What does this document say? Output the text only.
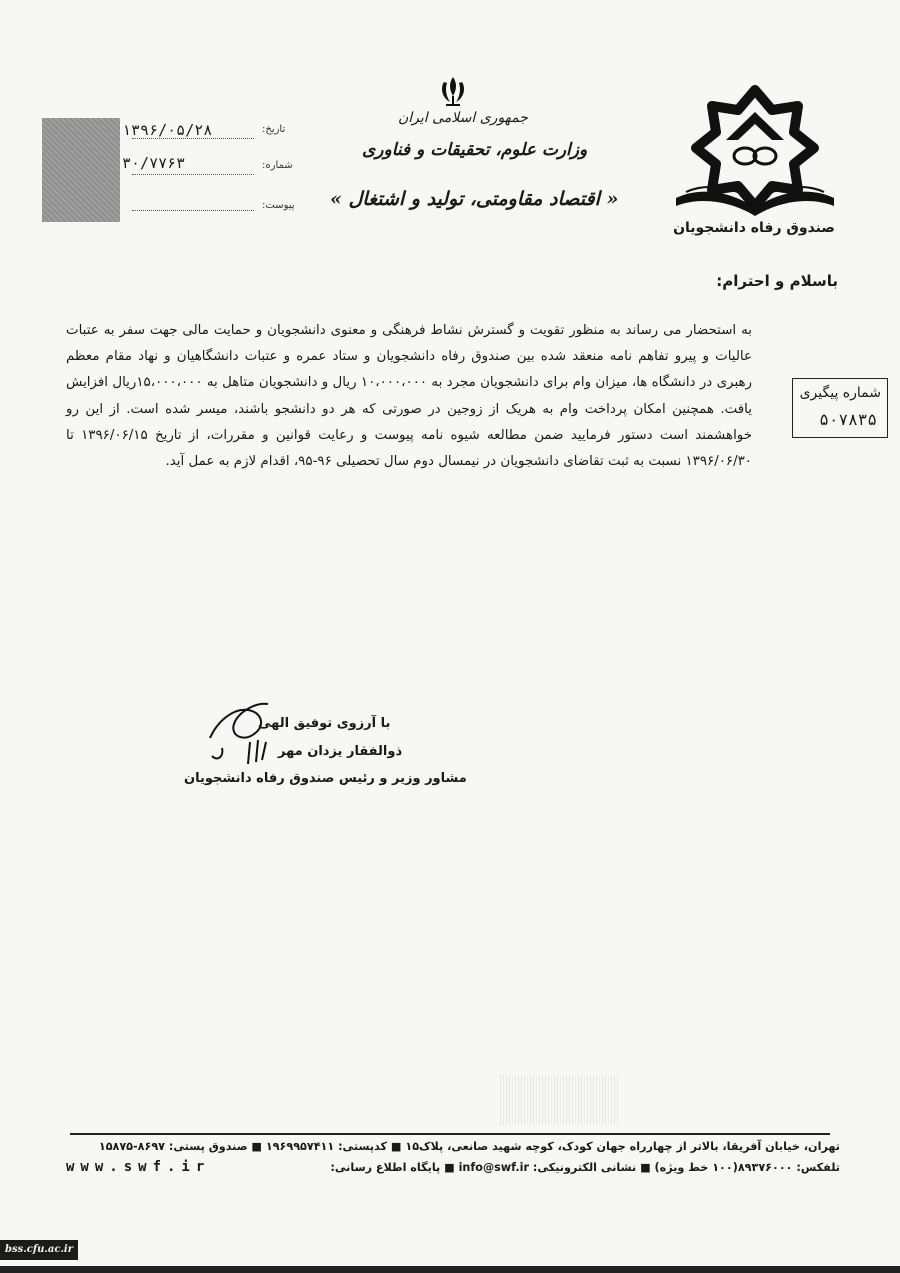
تاریخ:
۱۳۹۶/۰۵/۲۸
شماره:
۳۰/۷۷۶۳
پیوست:
جمهوری اسلامی ایران
وزارت علوم، تحقیقات و فناوری
« اقتصاد مقاومتی، تولید و اشتغال »
صندوق رفاه دانشجویان
باسلام و احترام:

به استحضار می رساند به منظور تقویت و گسترش نشاط فرهنگی و معنوی دانشجویان و حمایت مالی جهت سفر به عتبات عالیات و پیرو تفاهم نامه منعقد شده بین صندوق رفاه دانشجویان و ستاد عمره و عتبات دانشگاهیان و نهاد مقام معظم رهبری در دانشگاه ها، میزان وام برای دانشجویان مجرد به ۱۰،۰۰۰،۰۰۰ ریال و دانشجویان متاهل به ۱۵،۰۰۰،۰۰۰ریال افزایش یافت. همچنین امکان پرداخت وام به هریک از زوجین در صورتی که هر دو دانشجو باشند، میسر شده است. از این رو خواهشمند است دستور فرمایید ضمن مطالعه شیوه نامه پیوست و رعایت قوانین و مقررات، از تاریخ ۱۳۹۶/۰۶/۱۵ تا ۱۳۹۶/۰۶/۳۰ نسبت به ثبت تقاضای دانشجویان در نیمسال دوم سال تحصیلی ۹۶-۹۵، اقدام لازم به عمل آید.

شماره پیگیری
۵۰۷۸۳۵
با آرزوی توفیق الهی
ذوالفقار یزدان مهر
مشاور وزیر و رئیس صندوق رفاه دانشجویان
تهران، خیابان آفریقا، بالاتر از چهارراه جهان کودک، کوچه شهید صانعی، پلاک۱۵ ■ کدپستی: ۱۹۶۹۹۵۷۴۱۱ ■ صندوق پستی: ۸۶۹۷-۱۵۸۷۵
تلفکس: ۸۹۳۷۶۰۰۰(۱۰۰ خط ویژه) ■ نشانی الکترونیکی: info@swf.ir ■ پایگاه اطلاع رسانی:
www.swf.ir
bss.cfu.ac.ir
